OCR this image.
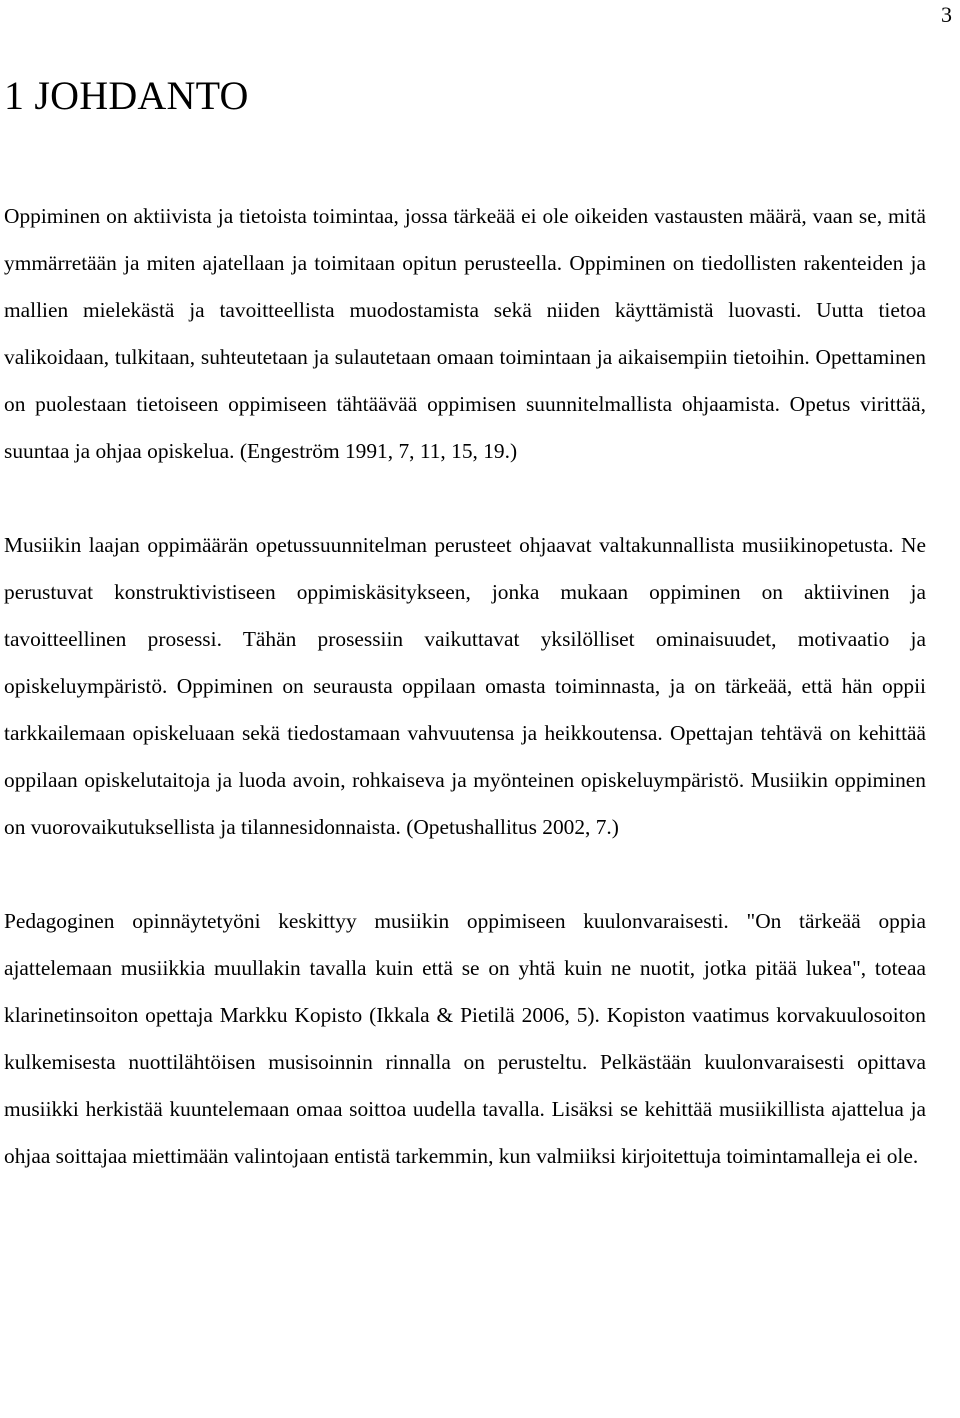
3
1 JOHDANTO

Oppiminen on aktiivista ja tietoista toimintaa, jossa tärkeää ei ole oikeiden vastausten määrä, vaan se, mitä ymmärretään ja miten ajatellaan ja toimitaan opitun perusteella. Oppiminen on tiedollisten rakenteiden ja mallien mielekästä ja tavoitteellista muodostamista sekä niiden käyttämistä luovasti. Uutta tietoa valikoidaan, tulkitaan, suhteutetaan ja sulautetaan omaan toimintaan ja aikaisempiin tietoihin. Opettaminen on puolestaan tietoiseen oppimiseen tähtäävää oppimisen suunnitelmallista ohjaamista. Opetus virittää, suuntaa ja ohjaa opiskelua. (Engeström 1991, 7, 11, 15, 19.)

Musiikin laajan oppimäärän opetussuunnitelman perusteet ohjaavat valtakunnallista musiikinopetusta. Ne perustuvat konstruktivistiseen oppimiskäsitykseen, jonka mukaan oppiminen on aktiivinen ja tavoitteellinen prosessi. Tähän prosessiin vaikuttavat yksilölliset ominaisuudet, motivaatio ja opiskeluympäristö. Oppiminen on seurausta oppilaan omasta toiminnasta, ja on tärkeää, että hän oppii tarkkailemaan opiskeluaan sekä tiedostamaan vahvuutensa ja heikkoutensa. Opettajan tehtävä on kehittää oppilaan opiskelutaitoja ja luoda avoin, rohkaiseva ja myönteinen opiskeluympäristö. Musiikin oppiminen on vuorovaikutuksellista ja tilannesidonnaista. (Opetushallitus 2002, 7.)

Pedagoginen opinnäytetyöni keskittyy musiikin oppimiseen kuulonvaraisesti. "On tärkeää oppia ajattelemaan musiikkia muullakin tavalla kuin että se on yhtä kuin ne nuotit, jotka pitää lukea", toteaa klarinetinsoiton opettaja Markku Kopisto (Ikkala & Pietilä 2006, 5). Kopiston vaatimus korvakuulosoiton kulkemisesta nuottilähtöisen musisoinnin rinnalla on perusteltu. Pelkästään kuulonvaraisesti opittava musiikki herkistää kuuntelemaan omaa soittoa uudella tavalla. Lisäksi se kehittää musiikillista ajattelua ja ohjaa soittajaa miettimään valintojaan entistä tarkemmin, kun valmiiksi kirjoitettuja toimintamalleja ei ole.
